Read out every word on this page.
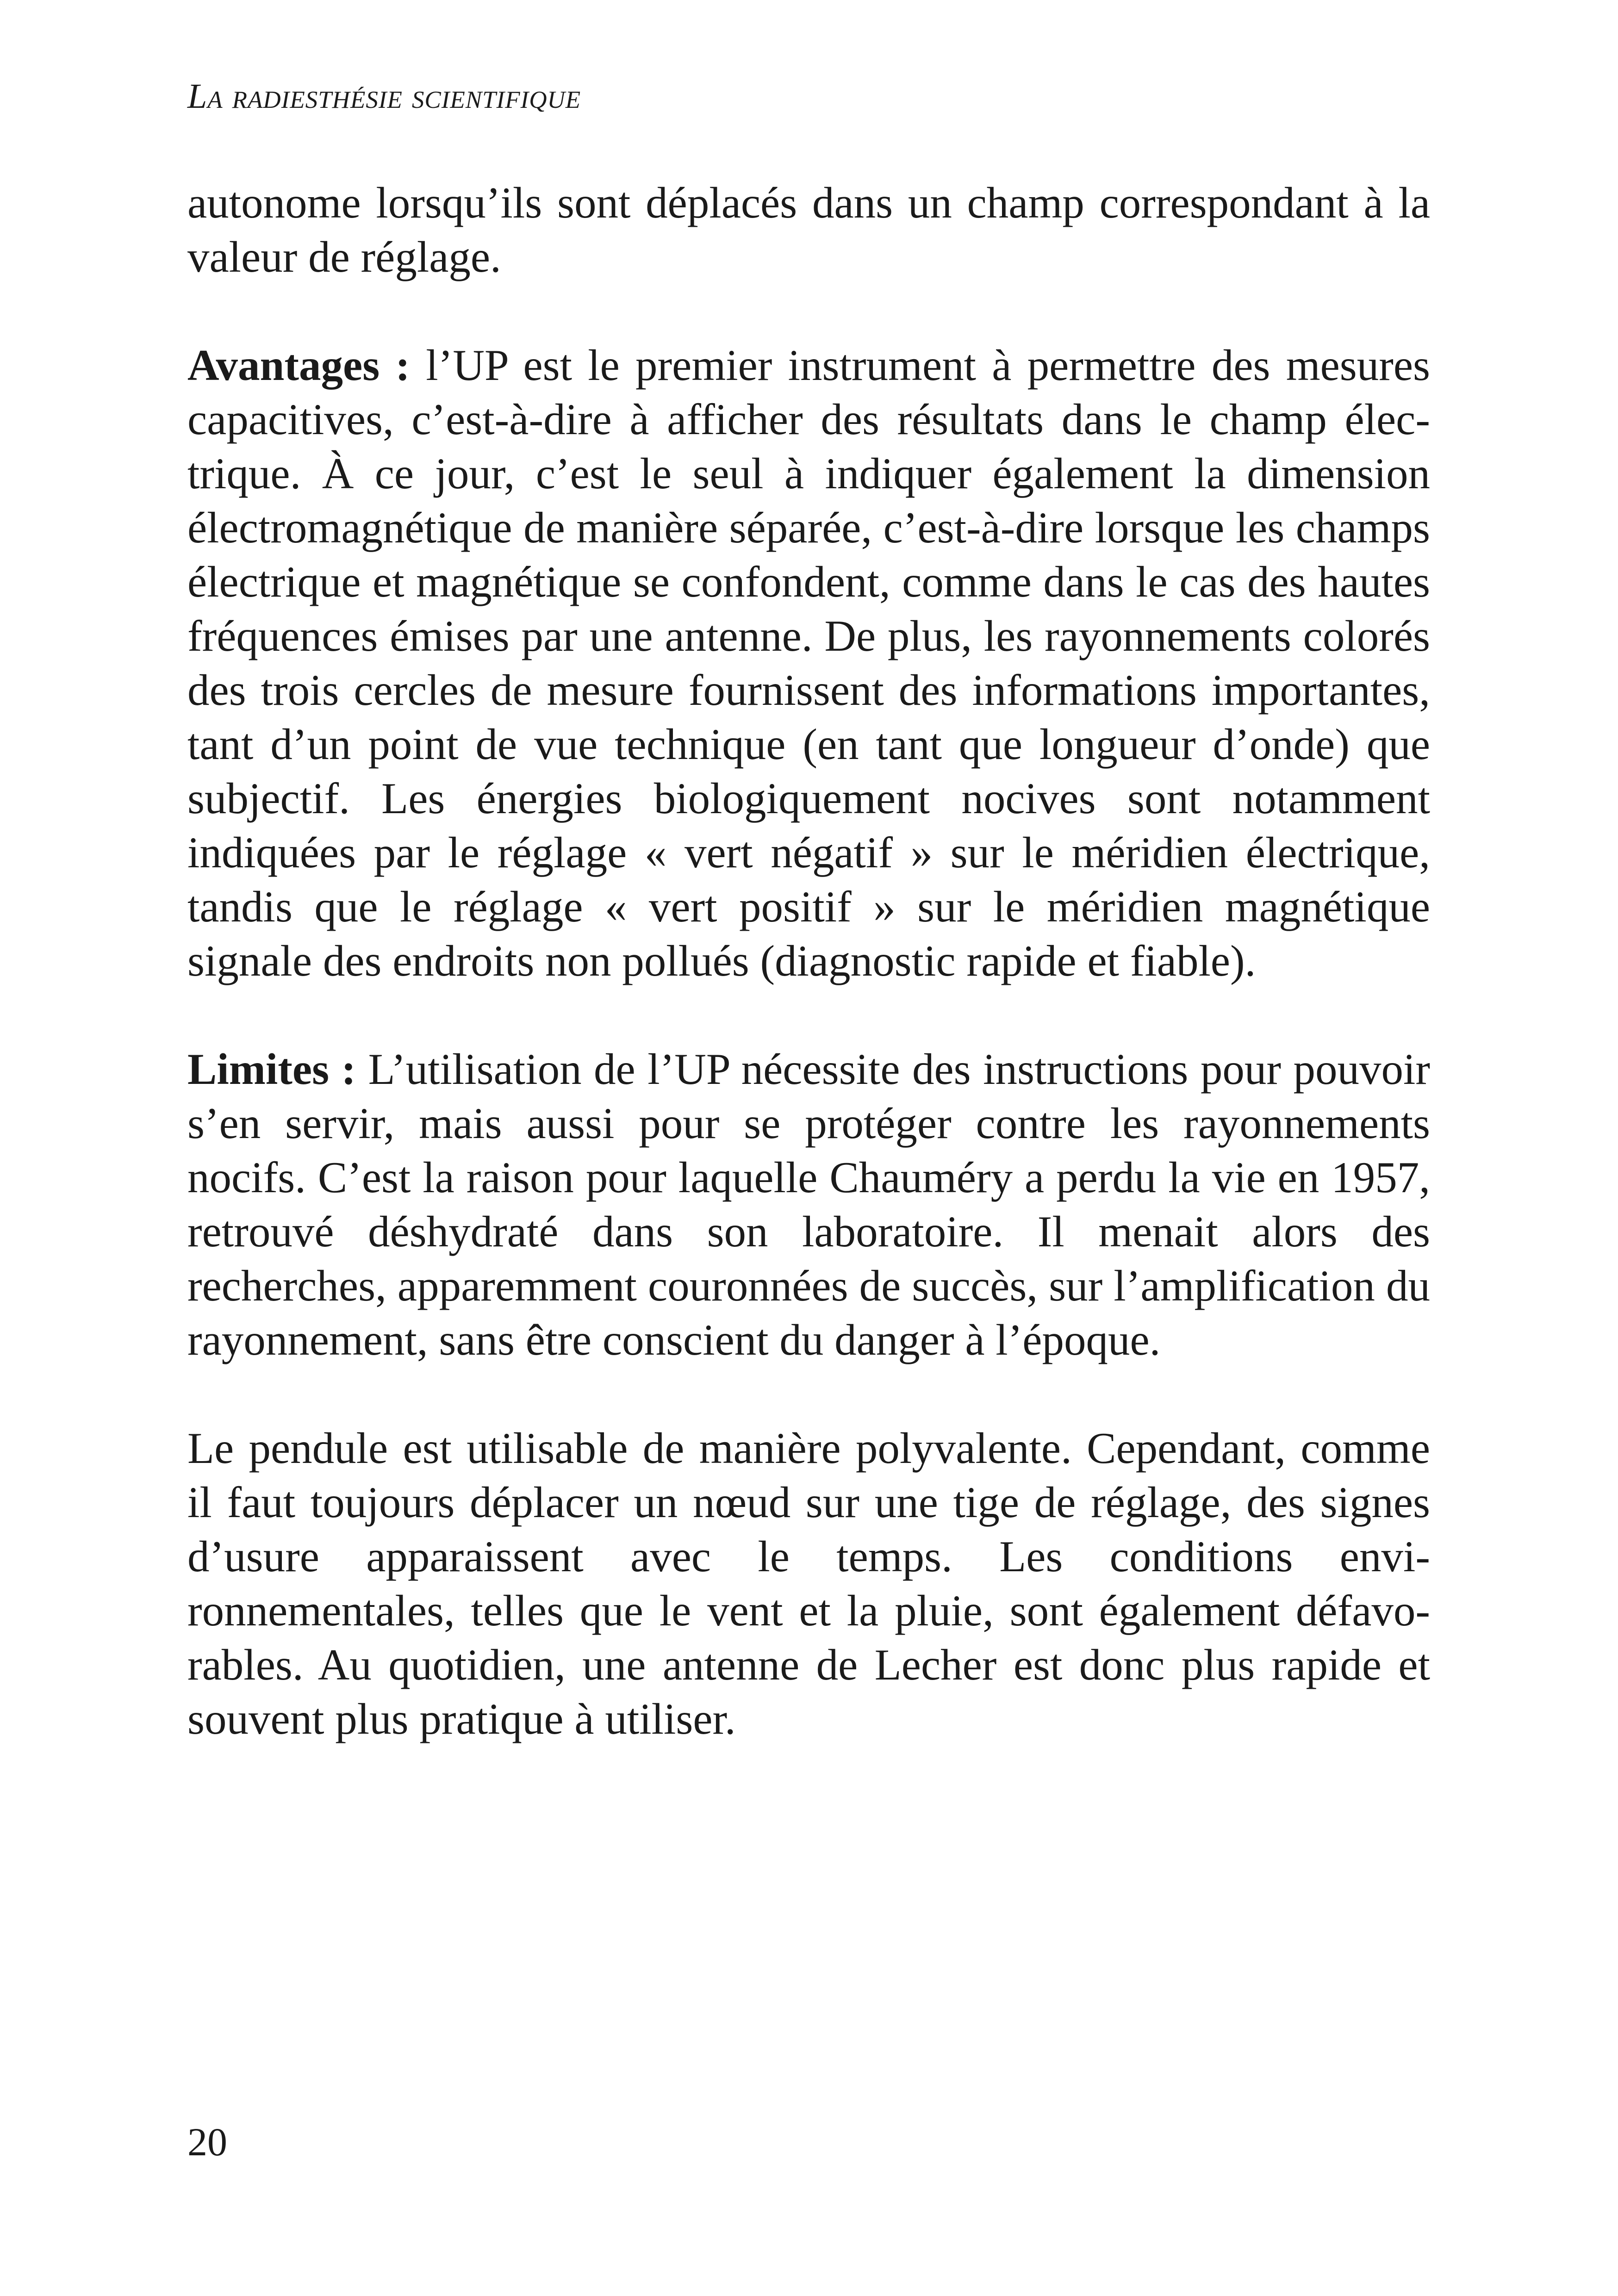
La radiesthésie scientifique

autonome lorsqu’ils sont déplacés dans un champ correspondant à la valeur de réglage.

Avantages : l’UP est le premier instrument à permettre des mesures capacitives, c’est-à-dire à afficher des résultats dans le champ électrique. À ce jour, c’est le seul à indiquer également la dimension électromagnétique de manière séparée, c’est-à-dire lorsque les champs électrique et magnétique se confondent, comme dans le cas des hautes fréquences émises par une antenne. De plus, les rayonnements colorés des trois cercles de mesure fournissent des informations importantes, tant d’un point de vue technique (en tant que longueur d’onde) que subjectif. Les énergies biologiquement nocives sont notamment indiquées par le réglage « vert négatif » sur le méridien électrique, tandis que le réglage « vert positif » sur le méridien magnétique signale des endroits non pollués (diagnostic rapide et fiable).

Limites : L’utilisation de l’UP nécessite des instructions pour pouvoir s’en servir, mais aussi pour se protéger contre les rayonnements nocifs. C’est la raison pour laquelle Chauméry a perdu la vie en 1957, retrouvé déshydraté dans son laboratoire. Il menait alors des recherches, apparemment couronnées de succès, sur l’amplification du rayonnement, sans être conscient du danger à l’époque.

Le pendule est utilisable de manière polyvalente. Cependant, comme il faut toujours déplacer un nœud sur une tige de réglage, des signes d’usure apparaissent avec le temps. Les conditions environnementales, telles que le vent et la pluie, sont également défavorables. Au quotidien, une antenne de Lecher est donc plus rapide et souvent plus pratique à utiliser.

20
